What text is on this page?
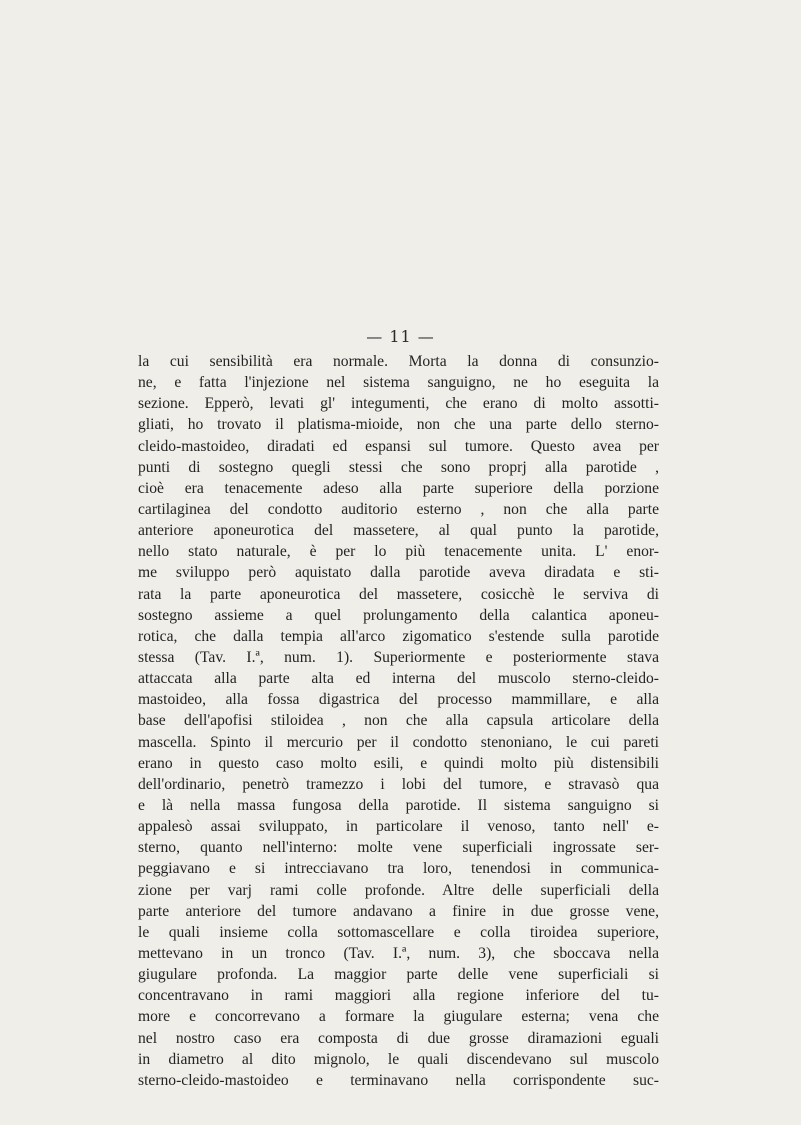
— 11 —
la cui sensibilità era normale. Morta la donna di consunzio-
ne, e fatta l'injezione nel sistema sanguigno, ne ho eseguita la
sezione. Epperò, levati gl' integumenti, che erano di molto assotti-
gliati, ho trovato il platisma-mioide, non che una parte dello sterno-
cleido-mastoideo, diradati ed espansi sul tumore. Questo avea per
punti di sostegno quegli stessi che sono proprj alla parotide ,
cioè era tenacemente adeso alla parte superiore della porzione
cartilaginea del condotto auditorio esterno , non che alla parte
anteriore aponeurotica del massetere, al qual punto la parotide,
nello stato naturale, è per lo più tenacemente unita. L' enor-
me sviluppo però aquistato dalla parotide aveva diradata e sti-
rata la parte aponeurotica del massetere, cosicchè le serviva di
sostegno assieme a quel prolungamento della calantica aponeu-
rotica, che dalla tempia all'arco zigomatico s'estende sulla parotide
stessa (Tav. I.ª, num. 1). Superiormente e posteriormente stava
attaccata alla parte alta ed interna del muscolo sterno-cleido-
mastoideo, alla fossa digastrica del processo mammillare, e alla
base dell'apofisi stiloidea , non che alla capsula articolare della
mascella. Spinto il mercurio per il condotto stenoniano, le cui pareti
erano in questo caso molto esili, e quindi molto più distensibili
dell'ordinario, penetrò tramezzo i lobi del tumore, e stravasò qua
e là nella massa fungosa della parotide. Il sistema sanguigno si
appalesò assai sviluppato, in particolare il venoso, tanto nell' e-
sterno, quanto nell'interno: molte vene superficiali ingrossate ser-
peggiavano e si intrecciavano tra loro, tenendosi in communica-
zione per varj rami colle profonde. Altre delle superficiali della
parte anteriore del tumore andavano a finire in due grosse vene,
le quali insieme colla sottomascellare e colla tiroidea superiore,
mettevano in un tronco (Tav. I.ª, num. 3), che sboccava nella
giugulare profonda. La maggior parte delle vene superficiali si
concentravano in rami maggiori alla regione inferiore del tu-
more e concorrevano a formare la giugulare esterna; vena che
nel nostro caso era composta di due grosse diramazioni eguali
in diametro al dito mignolo, le quali discendevano sul muscolo
sterno-cleido-mastoideo e terminavano nella corrispondente suc-
